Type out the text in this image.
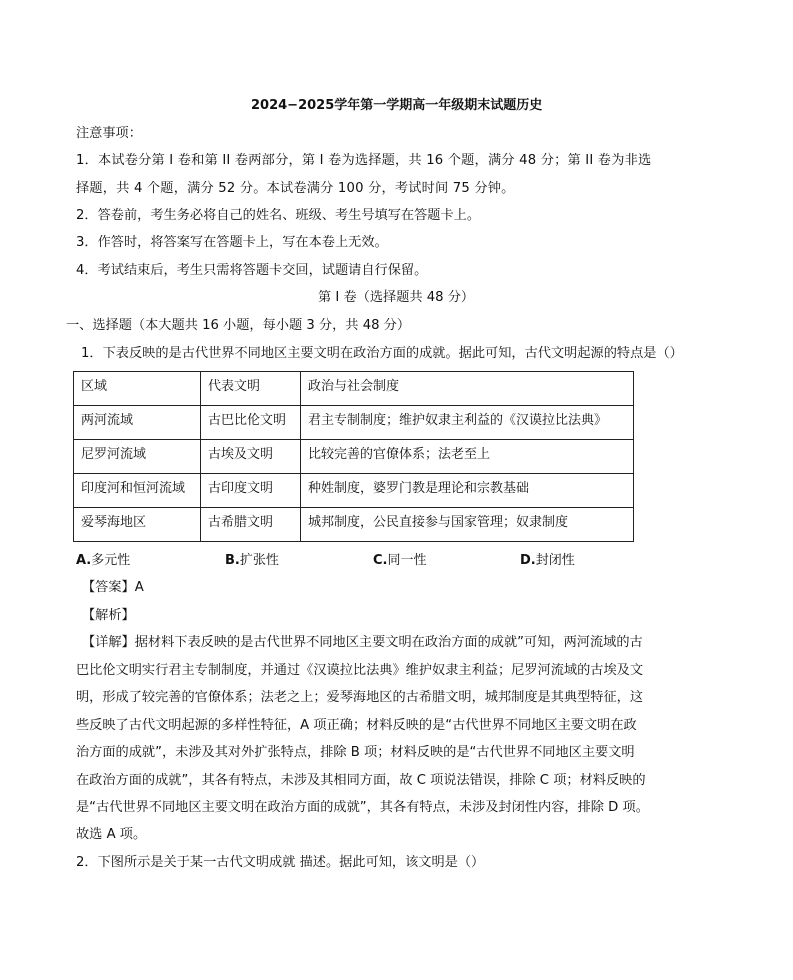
2024−2025学年第一学期高一年级期末试题历史
注意事项：
1．本试卷分第 I 卷和第 II 卷两部分，第 I 卷为选择题，共 16 个题，满分 48 分；第 II 卷为非选
择题，共 4 个题，满分 52 分。本试卷满分 100 分，考试时间 75 分钟。
2．答卷前，考生务必将自己的姓名、班级、考生号填写在答题卡上。
3．作答时，将答案写在答题卡上，写在本卷上无效。
4．考试结束后，考生只需将答题卡交回，试题请自行保留。
第 I 卷（选择题共 48 分）
一、选择题（本大题共 16 小题，每小题 3 分，共 48 分）
1．下表反映的是古代世界不同地区主要文明在政治方面的成就。据此可知，古代文明起源的特点是（）
区域	代表文明	政治与社会制度
两河流域	古巴比伦文明	君主专制制度；维护奴隶主利益的《汉谟拉比法典》
尼罗河流域	古埃及文明	比较完善的官僚体系；法老至上
印度河和恒河流域	古印度文明	种姓制度，婆罗门教是理论和宗教基础
爱琴海地区	古希腊文明	城邦制度，公民直接参与国家管理；奴隶制度
A.多元性	B.扩张性	C.同一性	D.封闭性
【答案】A
【解析】
【详解】据材料下表反映的是古代世界不同地区主要文明在政治方面的成就”可知，两河流域的古
巴比伦文明实行君主专制制度，并通过《汉谟拉比法典》维护奴隶主利益；尼罗河流域的古埃及文
明，形成了较完善的官僚体系；法老之上；爱琴海地区的古希腊文明，城邦制度是其典型特征，这
些反映了古代文明起源的多样性特征，A 项正确；材料反映的是“古代世界不同地区主要文明在政
治方面的成就”，未涉及其对外扩张特点，排除 B 项；材料反映的是“古代世界不同地区主要文明
在政治方面的成就”，其各有特点，未涉及其相同方面，故 C 项说法错误，排除 C 项；材料反映的
是“古代世界不同地区主要文明在政治方面的成就”，其各有特点，未涉及封闭性内容，排除 D 项。
故选 A 项。
2．下图所示是关于某一古代文明成就 描述。据此可知，该文明是（）
